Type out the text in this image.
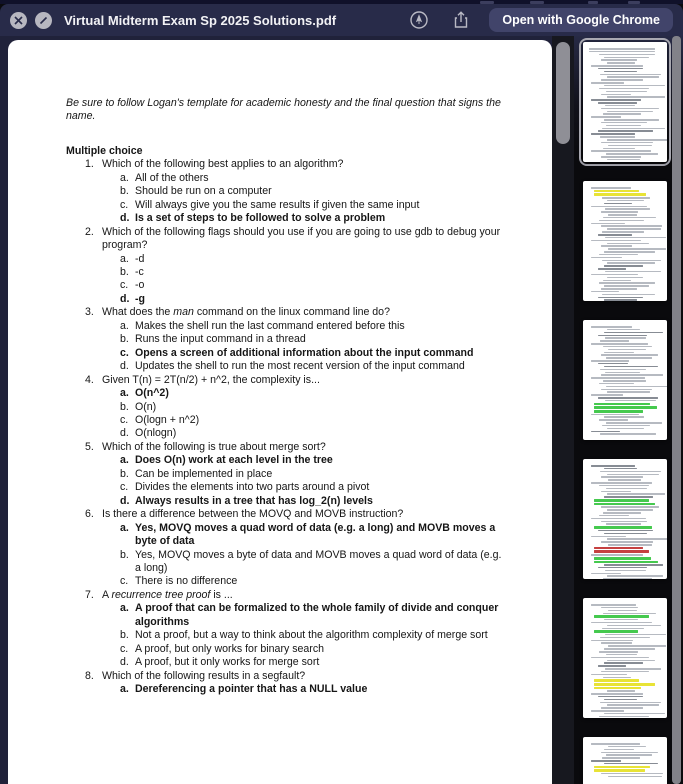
Virtual Midterm Exam Sp 2025 Solutions.pdf	Open with Google Chrome

Be sure to follow Logan's template for academic honesty and the final question that signs the name.

Multiple choice

1. Which of the following best applies to an algorithm?
a. All of the others
b. Should be run on a computer
c. Will always give you the same results if given the same input
d. Is a set of steps to be followed to solve a problem
2. Which of the following flags should you use if you are going to use gdb to debug your program?
a. -d
b. -c
c. -o
d. -g
3. What does the man command on the linux command line do?
a. Makes the shell run the last command entered before this
b. Runs the input command in a thread
c. Opens a screen of additional information about the input command
d. Updates the shell to run the most recent version of the input command
4. Given T(n) = 2T(n/2) + n^2, the complexity is...
a. O(n^2)
b. O(n)
c. O(logn + n^2)
d. O(nlogn)
5. Which of the following is true about merge sort?
a. Does O(n) work at each level in the tree
b. Can be implemented in place
c. Divides the elements into two parts around a pivot
d. Always results in a tree that has log_2(n) levels
6. Is there a difference between the MOVQ and MOVB instruction?
a. Yes, MOVQ moves a quad word of data (e.g. a long) and MOVB moves a byte of data
b. Yes, MOVQ moves a byte of data and MOVB moves a quad word of data (e.g. a long)
c. There is no difference
7. A recurrence tree proof is ...
a. A proof that can be formalized to the whole family of divide and conquer algorithms
b. Not a proof, but a way to think about the algorithm complexity of merge sort
c. A proof, but only works for binary search
d. A proof, but it only works for merge sort
8. Which of the following results in a segfault?
a. Dereferencing a pointer that has a NULL value
